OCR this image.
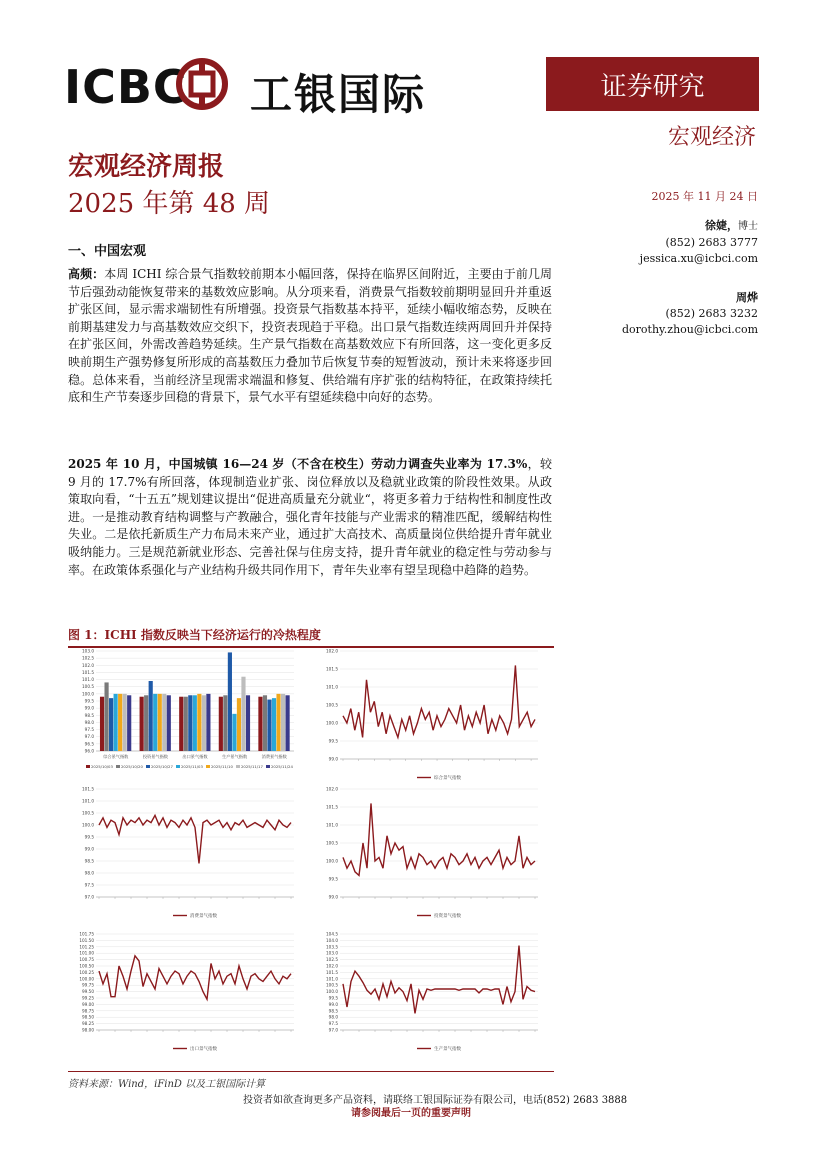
ICBC 工银国际	证券研究
宏观经济
宏观经济周报
2025 年第 48 周	2025 年 11 月 24 日
徐婕，博士
(852) 2683 3777
jessica.xu@icbci.com
周烨
(852) 2683 3232
dorothy.zhou@icbci.com
一、中国宏观
高频：本周 ICHI 综合景气指数较前期本小幅回落，保持在临界区间附近，主要由于前几周节后强劲动能恢复带来的基数效应影响。从分项来看，消费景气指数较前期明显回升并重返扩张区间，显示需求端韧性有所增强。投资景气指数基本持平，延续小幅收缩态势，反映在前期基建发力与高基数效应交织下，投资表现趋于平稳。出口景气指数连续两周回升并保持在扩张区间，外需改善趋势延续。生产景气指数在高基数效应下有所回落，这一变化更多反映前期生产强势修复所形成的高基数压力叠加节后恢复节奏的短暂波动，预计未来将逐步回稳。总体来看，当前经济呈现需求端温和修复、供给端有序扩张的结构特征，在政策持续托底和生产节奏逐步回稳的背景下，景气水平有望延续稳中向好的态势。
2025 年 10 月，中国城镇 16—24 岁（不含在校生）劳动力调查失业率为 17.3%，较 9 月的 17.7%有所回落，体现制造业扩张、岗位释放以及稳就业政策的阶段性效果。从政策取向看，“十五五”规划建议提出“促进高质量充分就业“，将更多着力于结构性和制度性改进。一是推动教育结构调整与产教融合，强化青年技能与产业需求的精准匹配，缓解结构性失业。二是依托新质生产力布局未来产业，通过扩大高技术、高质量岗位供给提升青年就业吸纳能力。三是规范新就业形态、完善社保与住房支持，提升青年就业的稳定性与劳动参与率。在政策体系强化与产业结构升级共同作用下，青年失业率有望呈现稳中趋降的趋势。
图 1：ICHI 指数反映当下经济运行的冷热程度
96.0
96.5
97.0
97.5
98.0
98.5
99.0
99.5
100.0
100.5
101.0
101.5
102.0
102.5
103.0
综合景气指数	投资景气指数	出口景气指数	生产景气指数	消费景气指数
2025/10/03 2025/10/20 2025/10/27 2025/11/03 2025/11/10 2025/11/17 2025/11/24
99.0
99.5
100.0
100.5
101.0
101.5
102.0
综合景气指数
97.0
97.5
98.0
98.5
99.0
99.5
100.0
100.5
101.0
101.5
消费景气指数
99.0
99.5
100.0
100.5
101.0
101.5
102.0
投资景气指数
98.00
98.25
98.50
98.75
99.00
99.25
99.50
99.75
100.00
100.25
100.50
100.75
101.00
101.25
101.50
101.75
出口景气指数
97.0
97.5
98.0
98.5
99.0
99.5
100.0
100.5
101.0
101.5
102.0
102.5
103.0
103.5
104.0
104.5
生产景气指数
资料来源：Wind，iFinD 以及工银国际计算
投资者如欲查询更多产品资料，请联络工银国际证券有限公司，电话(852) 2683 3888
请参阅最后一页的重要声明
